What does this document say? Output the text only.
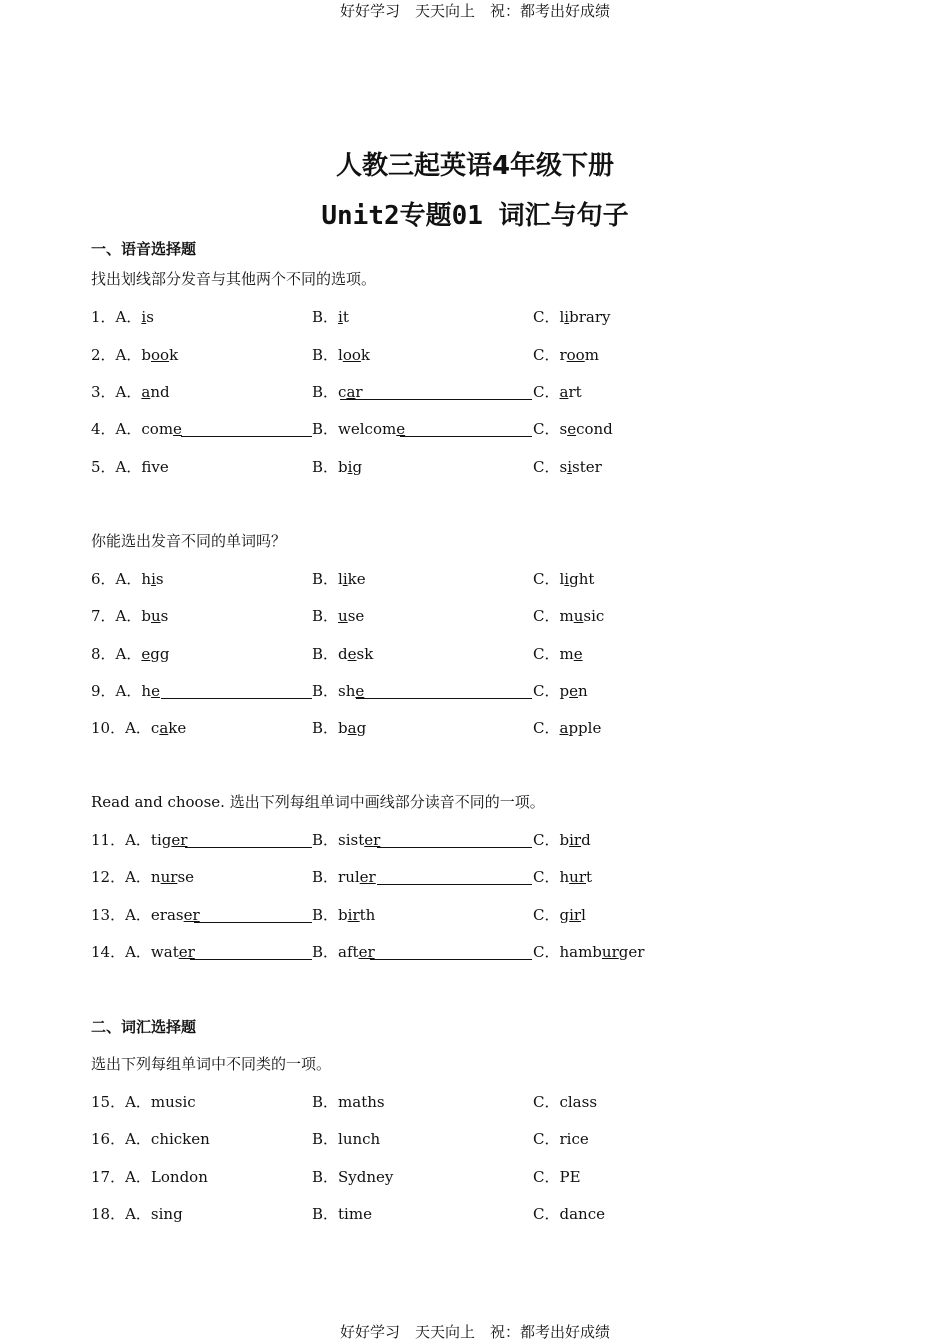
好好学习　天天向上　祝：都考出好成绩
人教三起英语4年级下册
Unit2专题01 词汇与句子
一、语音选择题
找出划线部分发音与其他两个不同的选项。
你能选出发音不同的单词吗？
Read and choose. 选出下列每组单词中画线部分读音不同的一项。
1．A．is	B．it	C．library
2．A．book	B．look	C．room
3．A．and	B．car	C．art
4．A．come	B．welcome	C．second
5．A．fve	B．big	C．sister
6．A．his	B．like	C．light
7．A．bus	B．use	C．music
8．A．egg	B．desk	C．me
9．A．he	B．she	C．pen
10．A．cake	B．bag	C．apple
11．A．tiger	B．sister	C．bird
12．A．nurse	B．ruler	C．hurt
13．A．eraser	B．birth	C．girl
14．A．water	B．after	C．hamburger
二、词汇选择题
选出下列每组单词中不同类的一项。
15．A．music	B．maths	C．class
16．A．chicken	B．lunch	C．rice
17．A．London	B．Sydney	C．PE
18．A．sing	B．time	C．dance
好好学习　天天向上　祝：都考出好成绩
